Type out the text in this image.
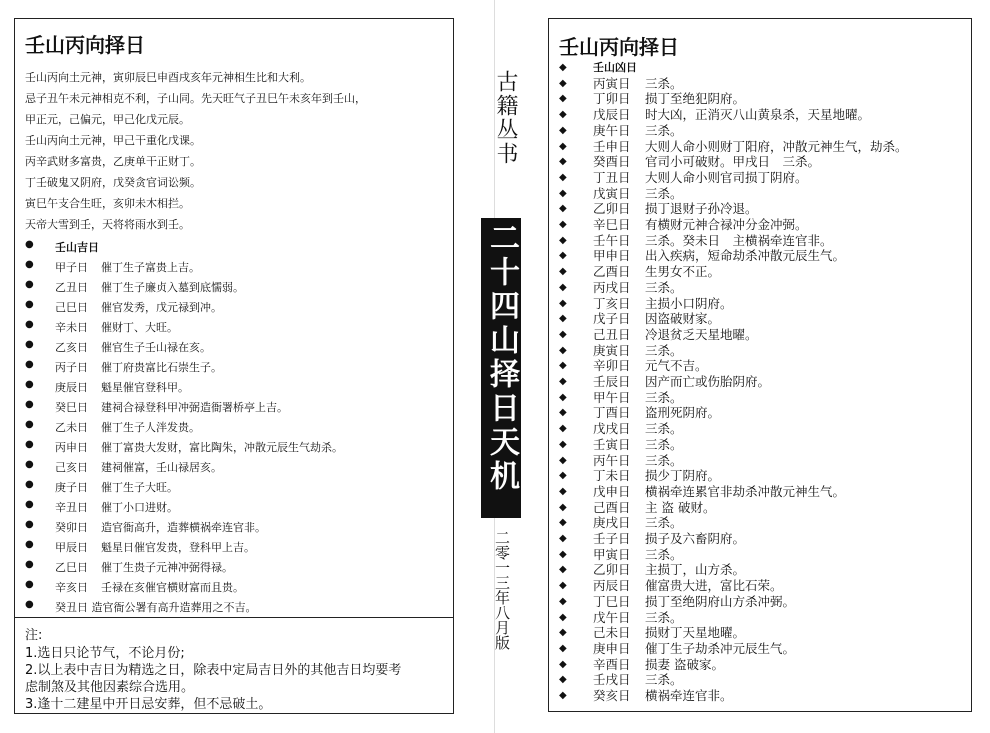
壬山丙向择日
壬山丙向土元神，寅卯辰巳申酉戌亥年元神相生比和大利。
忌子丑午未元神相克不利，子山同。先天旺气子丑巳午未亥年到壬山，
甲正元，己偏元，甲己化戊元辰。
壬山丙向土元神，甲己干重化戊课。
丙辛武财多富贵，乙庚单干正财丁。
丁壬破鬼又阴府，戊癸贪官词讼频。
寅巳午支合生旺，亥卯未木相拦。
天帝大雪到壬，天将将雨水到壬。
●	壬山吉日
●	甲子日	催丁生子富贵上吉。
●	乙丑日	催丁生子廉贞入墓到底懦弱。
●	己巳日	催官发秀，戊元禄到冲。
●	辛未日	催财丁、大旺。
●	乙亥日	催官生子壬山禄在亥。
●	丙子日	催丁府贵富比石崇生子。
●	庚辰日	魁星催官登科甲。
●	癸巳日	建祠合禄登科甲冲弼造衙署桥亭上吉。
●	乙未日	催丁生子人泮发贵。
●	丙申日	催丁富贵大发财，富比陶朱，冲散元辰生气劫杀。
●	己亥日	建祠催富，壬山禄居亥。
●	庚子日	催丁生子大旺。
●	辛丑日	催丁小口进财。
●	癸卯日	造官衙高升，造葬横祸牵连官非。
●	甲辰日	魁星日催官发贵，登科甲上吉。
●	乙巳日	催丁生贵子元神冲弼得禄。
●	辛亥日	壬禄在亥催官横财富而且贵。
●	癸丑日 造官衙公署有高升造葬用之不吉。
注:
1.选日只论节气，不论月份;
2.以上表中吉日为精选之日，除表中定局吉日外的其他吉日均要考
虑制煞及其他因素综合选用。
3.逢十二建星中开日忌安葬，但不忌破土。
古籍丛书
二十四山择日天机
二零一三年八月版
壬山丙向择日
◆	壬山凶日
◆	丙寅日	三杀。
◆	丁卯日	损丁至绝犯阴府。
◆	戊辰日	时大凶，正消灭八山黄泉杀，天星地曜。
◆	庚午日	三杀。
◆	壬申日	大则人命小则财丁阳府，冲散元神生气，劫杀。
◆	癸酉日	官司小可破财。甲戌日　三杀。
◆	丁丑日	大则人命小则官司损丁阴府。
◆	戊寅日	三杀。
◆	乙卯日	损丁退财子孙冷退。
◆	辛巳日	有横财元神合禄冲分金冲弼。
◆	壬午日	三杀。癸未日　主横祸牵连官非。
◆	甲申日	出入疾病，短命劫杀冲散元辰生气。
◆	乙酉日	生男女不正。
◆	丙戌日	三杀。
◆	丁亥日	主损小口阴府。
◆	戊子日	因盗破财家。
◆	己丑日	冷退贫乏天星地曜。
◆	庚寅日	三杀。
◆	辛卯日	元气不吉。
◆	壬辰日	因产而亡或伤胎阴府。
◆	甲午日	三杀。
◆	丁酉日	盗刑死阴府。
◆	戊戌日	三杀。
◆	壬寅日	三杀。
◆	丙午日	三杀。
◆	丁未日	损少丁阴府。
◆	戊申日	横祸牵连累官非劫杀冲散元神生气。
◆	己酉日	主 盗 破财。
◆	庚戌日	三杀。
◆	壬子日	损子及六畜阴府。
◆	甲寅日	三杀。
◆	乙卯日	主损丁，山方杀。
◆	丙辰日	催富贵大进，富比石荣。
◆	丁巳日	损丁至绝阴府山方杀冲弼。
◆	戊午日	三杀。
◆	己未日	损财丁天星地曜。
◆	庚申日	催丁生子劫杀冲元辰生气。
◆	辛酉日	损妻 盗破家。
◆	壬戌日	三杀。
◆	癸亥日	横祸牵连官非。
